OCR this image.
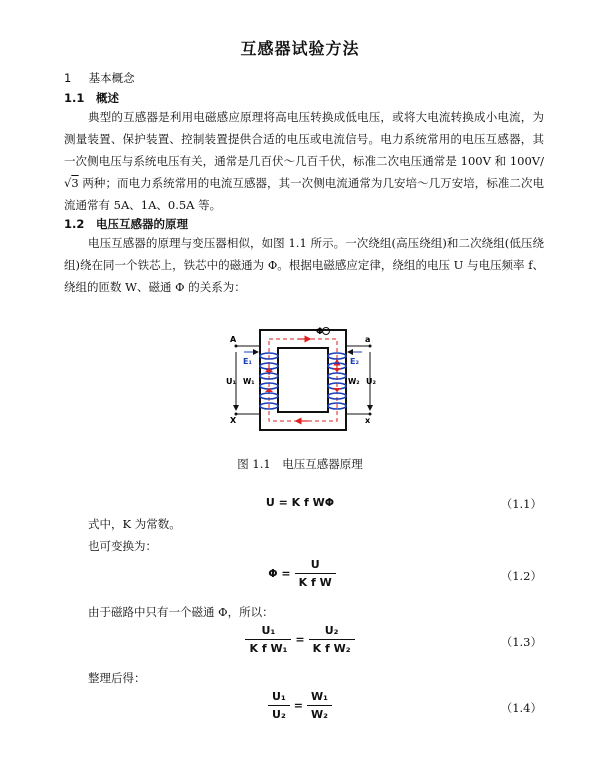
互感器试验方法
1 基本概念
1.1 概述
典型的互感器是利用电磁感应原理将高电压转换成低电压，或将大电流转换成小电流，为测量装置、保护装置、控制装置提供合适的电压或电流信号。电力系统常用的电压互感器，其一次侧电压与系统电压有关，通常是几百伏～几百千伏，标准二次电压通常是 100V 和 100V/√3 两种；而电力系统常用的电流互感器，其一次侧电流通常为几安培～几万安培，标准二次电流通常有 5A、1A、0.5A 等。
1.2 电压互感器的原理
电压互感器的原理与变压器相似，如图 1.1 所示。一次绕组(高压绕组)和二次绕组(低压绕组)绕在同一个铁芯上，铁芯中的磁通为 Φ。根据电磁感应定律，绕组的电压 U 与电压频率 f、绕组的匝数 W、磁通 Φ 的关系为：
Φ
A
X
E₁
U₁ W₁
a
x
E₂
W₂ U₂
图 1.1　电压互感器原理
U = K f WΦ	（1.1）
式中，K 为常数。
也可变换为：
$\Phi = \frac{U}{\text{K f W}}$	（1.2）
由于磁路中只有一个磁通 Φ，所以：
$\frac{\text{U₁}}{\text{K f W₁}} = \frac{\text{U₂}}{\text{K f W₂}}$	（1.3）
整理后得：
$\frac{\text{U₁}}{\text{U₂}} = \frac{\text{W₁}}{\text{W₂}}$	（1.4）
